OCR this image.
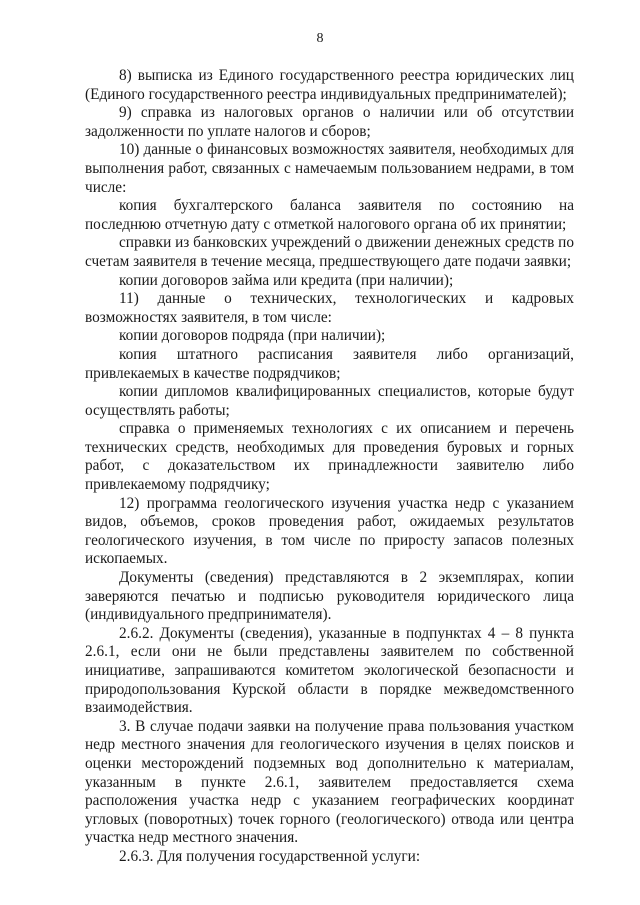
8

8) выписка из Единого государственного реестра юридических лиц (Единого государственного реестра индивидуальных предпринимателей);

9) справка из налоговых органов о наличии или об отсутствии задолженности по уплате налогов и сборов;

10) данные о финансовых возможностях заявителя, необходимых для выполнения работ, связанных с намечаемым пользованием недрами, в том числе:

копия бухгалтерского баланса заявителя по состоянию на последнюю отчетную дату с отметкой налогового органа об их принятии;

справки из банковских учреждений о движении денежных средств по счетам заявителя в течение месяца, предшествующего дате подачи заявки;

копии договоров займа или кредита (при наличии);

11) данные о технических, технологических и кадровых возможностях заявителя, в том числе:

копии договоров подряда (при наличии);

копия штатного расписания заявителя либо организаций, привлекаемых в качестве подрядчиков;

копии дипломов квалифицированных специалистов, которые будут осуществлять работы;

справка о применяемых технологиях с их описанием и перечень технических средств, необходимых для проведения буровых и горных работ, с доказательством их принадлежности заявителю либо привлекаемому подрядчику;

12) программа геологического изучения участка недр с указанием видов, объемов, сроков проведения работ, ожидаемых результатов геологического изучения, в том числе по приросту запасов полезных ископаемых.

Документы (сведения) представляются в 2 экземплярах, копии заверяются печатью и подписью руководителя юридического лица (индивидуального предпринимателя).

2.6.2. Документы (сведения), указанные в подпунктах 4 – 8 пункта 2.6.1, если они не были представлены заявителем по собственной инициативе, запрашиваются комитетом экологической безопасности и природопользования Курской области в порядке межведомственного взаимодействия.

3. В случае подачи заявки на получение права пользования участком недр местного значения для геологического изучения в целях поисков и оценки месторождений подземных вод дополнительно к материалам, указанным в пункте 2.6.1, заявителем предоставляется схема расположения участка недр с указанием географических координат угловых (поворотных) точек горного (геологического) отвода или центра участка недр местного значения.

2.6.3. Для получения государственной услуги:
